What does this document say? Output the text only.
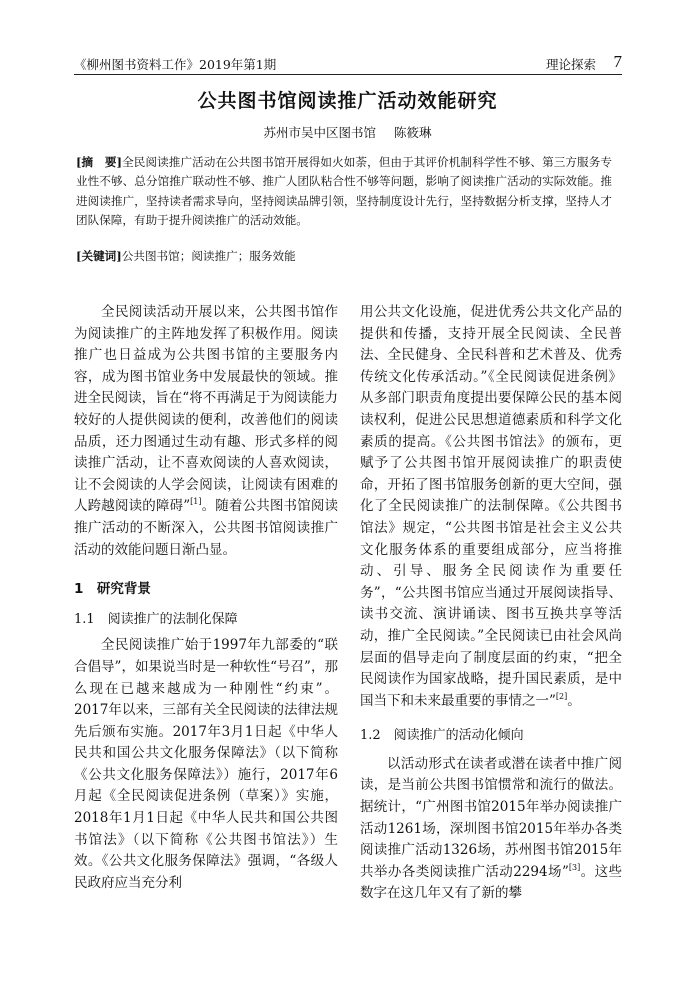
《柳州图书资料工作》2019年第1期	理论探索 7
公共图书馆阅读推广活动效能研究
苏州市吴中区图书馆 陈筱琳
[摘　要]全民阅读推广活动在公共图书馆开展得如火如荼，但由于其评价机制科学性不够、第三方服务专业性不够、总分馆推广联动性不够、推广人团队粘合性不够等问题，影响了阅读推广活动的实际效能。推进阅读推广，坚持读者需求导向，坚持阅读品牌引领，坚持制度设计先行，坚持数据分析支撑，坚持人才团队保障，有助于提升阅读推广的活动效能。
[关键词]公共图书馆；阅读推广；服务效能

全民阅读活动开展以来，公共图书馆作为阅读推广的主阵地发挥了积极作用。阅读推广也日益成为公共图书馆的主要服务内容，成为图书馆业务中发展最快的领域。推进全民阅读，旨在“将不再满足于为阅读能力较好的人提供阅读的便利，改善他们的阅读品质，还力图通过生动有趣、形式多样的阅读推广活动，让不喜欢阅读的人喜欢阅读，让不会阅读的人学会阅读，让阅读有困难的人跨越阅读的障碍”[1]。随着公共图书馆阅读推广活动的不断深入，公共图书馆阅读推广活动的效能问题日渐凸显。

1　研究背景

1.1　阅读推广的法制化保障

全民阅读推广始于1997年九部委的“联合倡导”，如果说当时是一种软性“号召”，那么现在已越来越成为一种刚性“约束”。2017年以来，三部有关全民阅读的法律法规先后颁布实施。2017年3月1日起《中华人民共和国公共文化服务保障法》（以下简称《公共文化服务保障法》）施行，2017年6月起《全民阅读促进条例（草案）》实施，2018年1月1日起《中华人民共和国公共图书馆法》（以下简称《公共图书馆法》）生效。《公共文化服务保障法》强调，“各级人民政府应当充分利

用公共文化设施，促进优秀公共文化产品的提供和传播，支持开展全民阅读、全民普法、全民健身、全民科普和艺术普及、优秀传统文化传承活动。”《全民阅读促进条例》从多部门职责角度提出要保障公民的基本阅读权利，促进公民思想道德素质和科学文化素质的提高。《公共图书馆法》的颁布，更赋予了公共图书馆开展阅读推广的职责使命，开拓了图书馆服务创新的更大空间，强化了全民阅读推广的法制保障。《公共图书馆法》规定，“公共图书馆是社会主义公共文化服务体系的重要组成部分，应当将推动、引导、服务全民阅读作为重要任务”，“公共图书馆应当通过开展阅读指导、读书交流、演讲诵读、图书互换共享等活动，推广全民阅读。”全民阅读已由社会风尚层面的倡导走向了制度层面的约束，“把全民阅读作为国家战略，提升国民素质，是中国当下和未来最重要的事情之一”[2]。

1.2　阅读推广的活动化倾向

以活动形式在读者或潜在读者中推广阅读，是当前公共图书馆惯常和流行的做法。据统计，“广州图书馆2015年举办阅读推广活动1261场，深圳图书馆2015年举办各类阅读推广活动1326场，苏州图书馆2015年共举办各类阅读推广活动2294场”[3]。这些数字在这几年又有了新的攀
